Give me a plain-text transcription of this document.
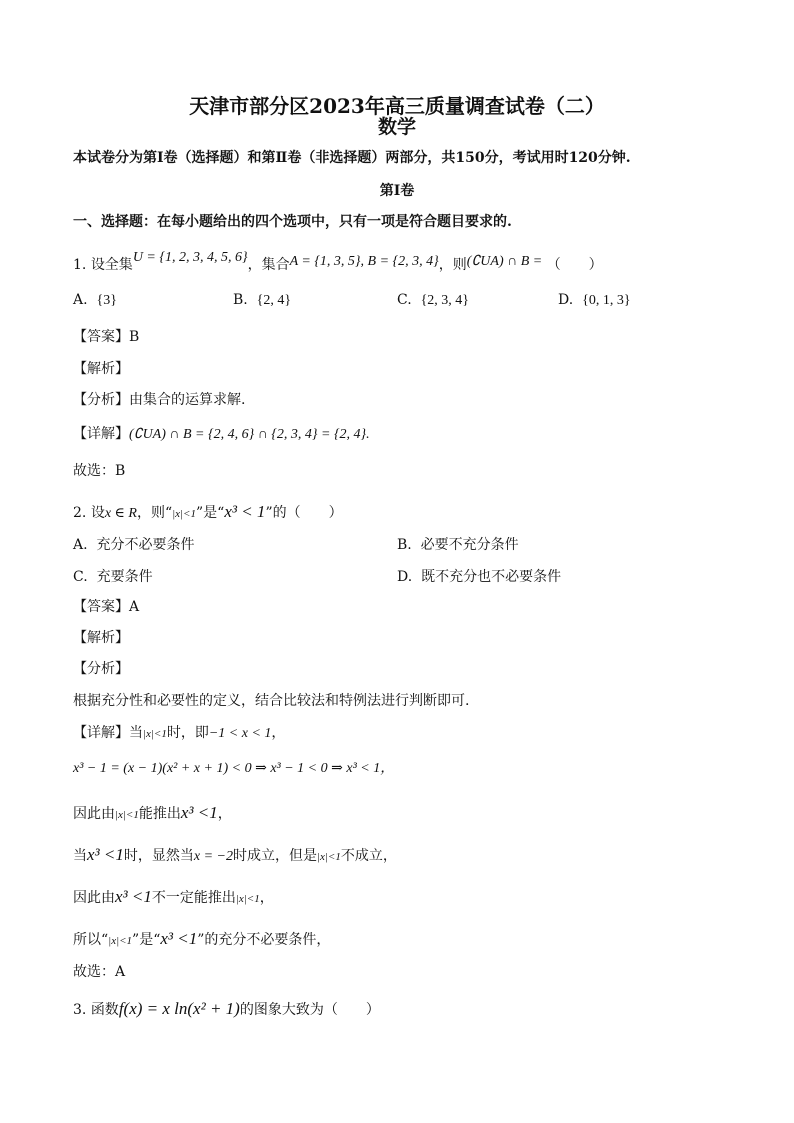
天津市部分区2023年高三质量调查试卷（二）
数学
本试卷分为第Ⅰ卷（选择题）和第Ⅱ卷（非选择题）两部分，共150分，考试用时120分钟.
第Ⅰ卷
一、选择题：在每小题给出的四个选项中，只有一项是符合题目要求的.
1. 设全集U = {1, 2, 3, 4, 5, 6}，集合A = {1, 3, 5}, B = {2, 3, 4}，则(∁UA) ∩ B = （　　）
A. {3}	B. {2, 4}	C. {2, 3, 4}	D. {0, 1, 3}
【答案】B
【解析】
【分析】由集合的运算求解.
【详解】(∁UA) ∩ B = {2, 4, 6} ∩ {2, 3, 4} = {2, 4}.
故选：B
2. 设x ∈ R，则“|x|<1”是“x³ < 1”的（　　）
A. 充分不必要条件	B. 必要不充分条件
C. 充要条件	D. 既不充分也不必要条件
【答案】A
【解析】
【分析】
根据充分性和必要性的定义，结合比较法和特例法进行判断即可.
【详解】当|x|<1时，即−1 < x < 1，
x³ − 1 = (x − 1)(x² + x + 1) < 0 ⇒ x³ − 1 < 0 ⇒ x³ < 1，
因此由|x|<1能推出x³ <1，
当x³ <1时，显然当x = −2时成立，但是|x|<1不成立，
因此由x³ <1不一定能推出|x|<1，
所以“|x|<1”是“x³ <1”的充分不必要条件，
故选：A
3. 函数f(x) = x ln(x² + 1)的图象大致为（　　）
